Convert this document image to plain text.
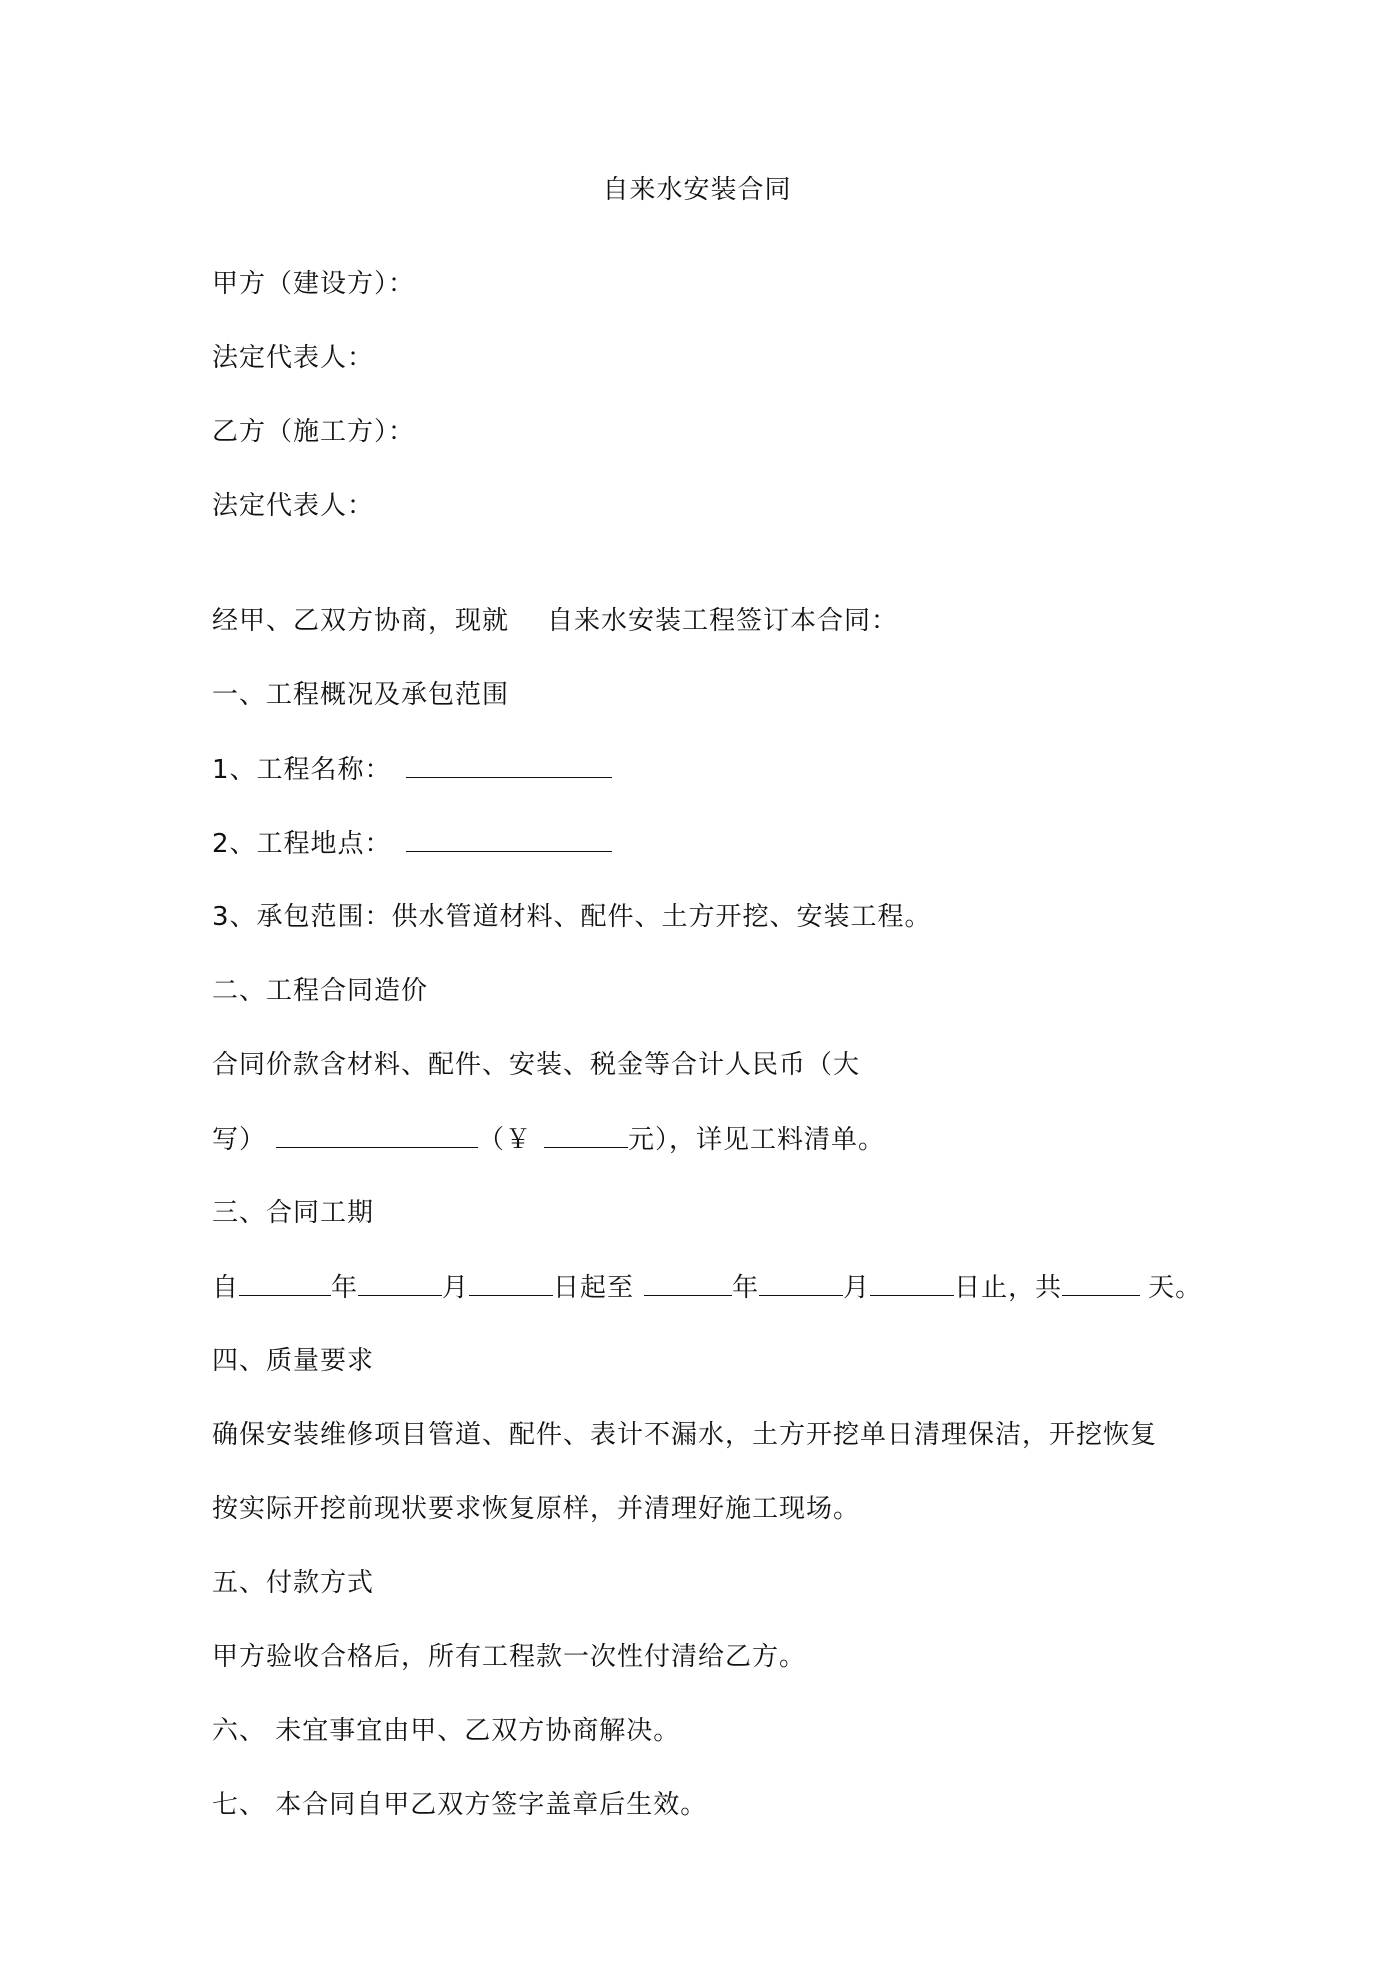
自来水安装合同
甲方（建设方）：
法定代表人：
乙方（施工方）：
法定代表人：
经甲、乙双方协商，现就 自来水安装工程签订本合同：
一、工程概况及承包范围
1、工程名称：
2、工程地点：
3、承包范围：供水管道材料、配件、土方开挖、安装工程。
二、工程合同造价
合同价款含材料、配件、安装、税金等合计人民币（大
写）	（￥	元），详见工料清单。
三、合同工期
自	年	月	日起至	年	月	日止，共	天。
四、质量要求
确保安装维修项目管道、配件、表计不漏水，土方开挖单日清理保洁，开挖恢复
按实际开挖前现状要求恢复原样，并清理好施工现场。
五、付款方式
甲方验收合格后，所有工程款一次性付清给乙方。
六、 未宜事宜由甲、乙双方协商解决。
七、 本合同自甲乙双方签字盖章后生效。
